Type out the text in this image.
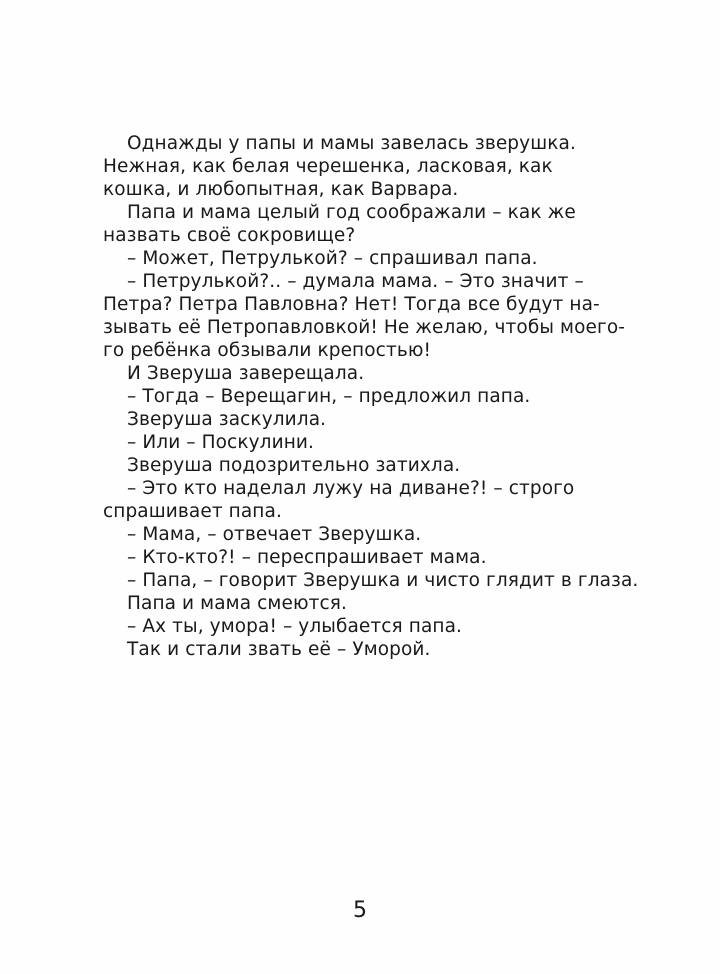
Однажды у папы и мамы завелась зверушка.
Нежная, как белая черешенка, ласковая, как
кошка, и любопытная, как Варвара.
Папа и мама целый год соображали – как же
назвать своё сокровище?
– Может, Петрулькой? – спрашивал папа.
– Петрулькой?.. – думала мама. – Это значит –
Петра? Петра Павловна? Нет! Тогда все будут на-
зывать её Петропавловкой! Не желаю, чтобы моего-
го ребёнка обзывали крепостью!
И Зверуша заверещала.
– Тогда – Верещагин, – предложил папа.
Зверуша заскулила.
– Или – Поскулини.
Зверуша подозрительно затихла.
– Это кто наделал лужу на диване?! – строго
спрашивает папа.
– Мама, – отвечает Зверушка.
– Кто-кто?! – переспрашивает мама.
– Папа, – говорит Зверушка и чисто глядит в глаза.
Папа и мама смеются.
– Ах ты, умора! – улыбается папа.
Так и стали звать её – Уморой.
5
